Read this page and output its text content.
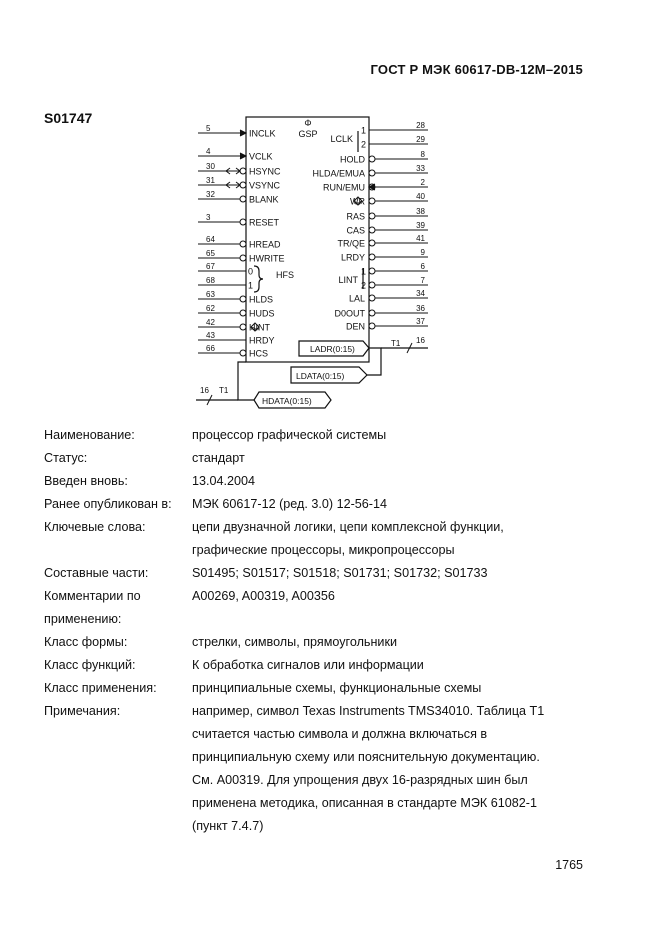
ГОСТ Р МЭК 60617-DB-12M–2015
S01747	Φ
GSP
5	INCLK
4	VCLK
30	HSYNC
31	VSYNC
32	BLANK
3	RESET
64	HREAD
65	HWRITE
67	0
68	1
63	HLDS
62	HUDS
42	HINT
43	HRDY
66	HCS
HFS
28
1
29
2
8
HOLD
33
HLDA/EMUA
2
RUN/EMU
40
WR
38
RAS
39
CAS
41
TR/QE
9
LRDY
6
1
7
2
34
LAL
36
D0OUT
37
DEN
LCLK
LINT
LADR(0:15)
LDATA(0:15)
16
T1
HDATA(0:15)
16 T1
Наименование:	процессор графической системы
Статус:	стандарт
Введен вновь:	13.04.2004
Ранее опубликован в:	МЭК 60617-12 (ред. 3.0) 12-56-14
Ключевые слова:	цепи двузначной логики, цепи комплексной функции,
графические процессоры, микропроцессоры
Составные части:	S01495; S01517; S01518; S01731; S01732; S01733
Комментарии по применению:
A00269, A00319, A00356

Класс формы:	стрелки, символы, прямоугольники
Класс функций:	К обработка сигналов или информации
Класс применения:	принципиальные схемы, функциональные схемы
Примечания:	например, символ Texas Instruments TMS34010. Таблица T1
считается частью символа и должна включаться в
принципиальную схему или пояснительную документацию.
См. A00319. Для упрощения двух 16-разрядных шин был
применена методика, описанная в стандарте МЭК 61082-1
(пункт 7.4.7)
1765
